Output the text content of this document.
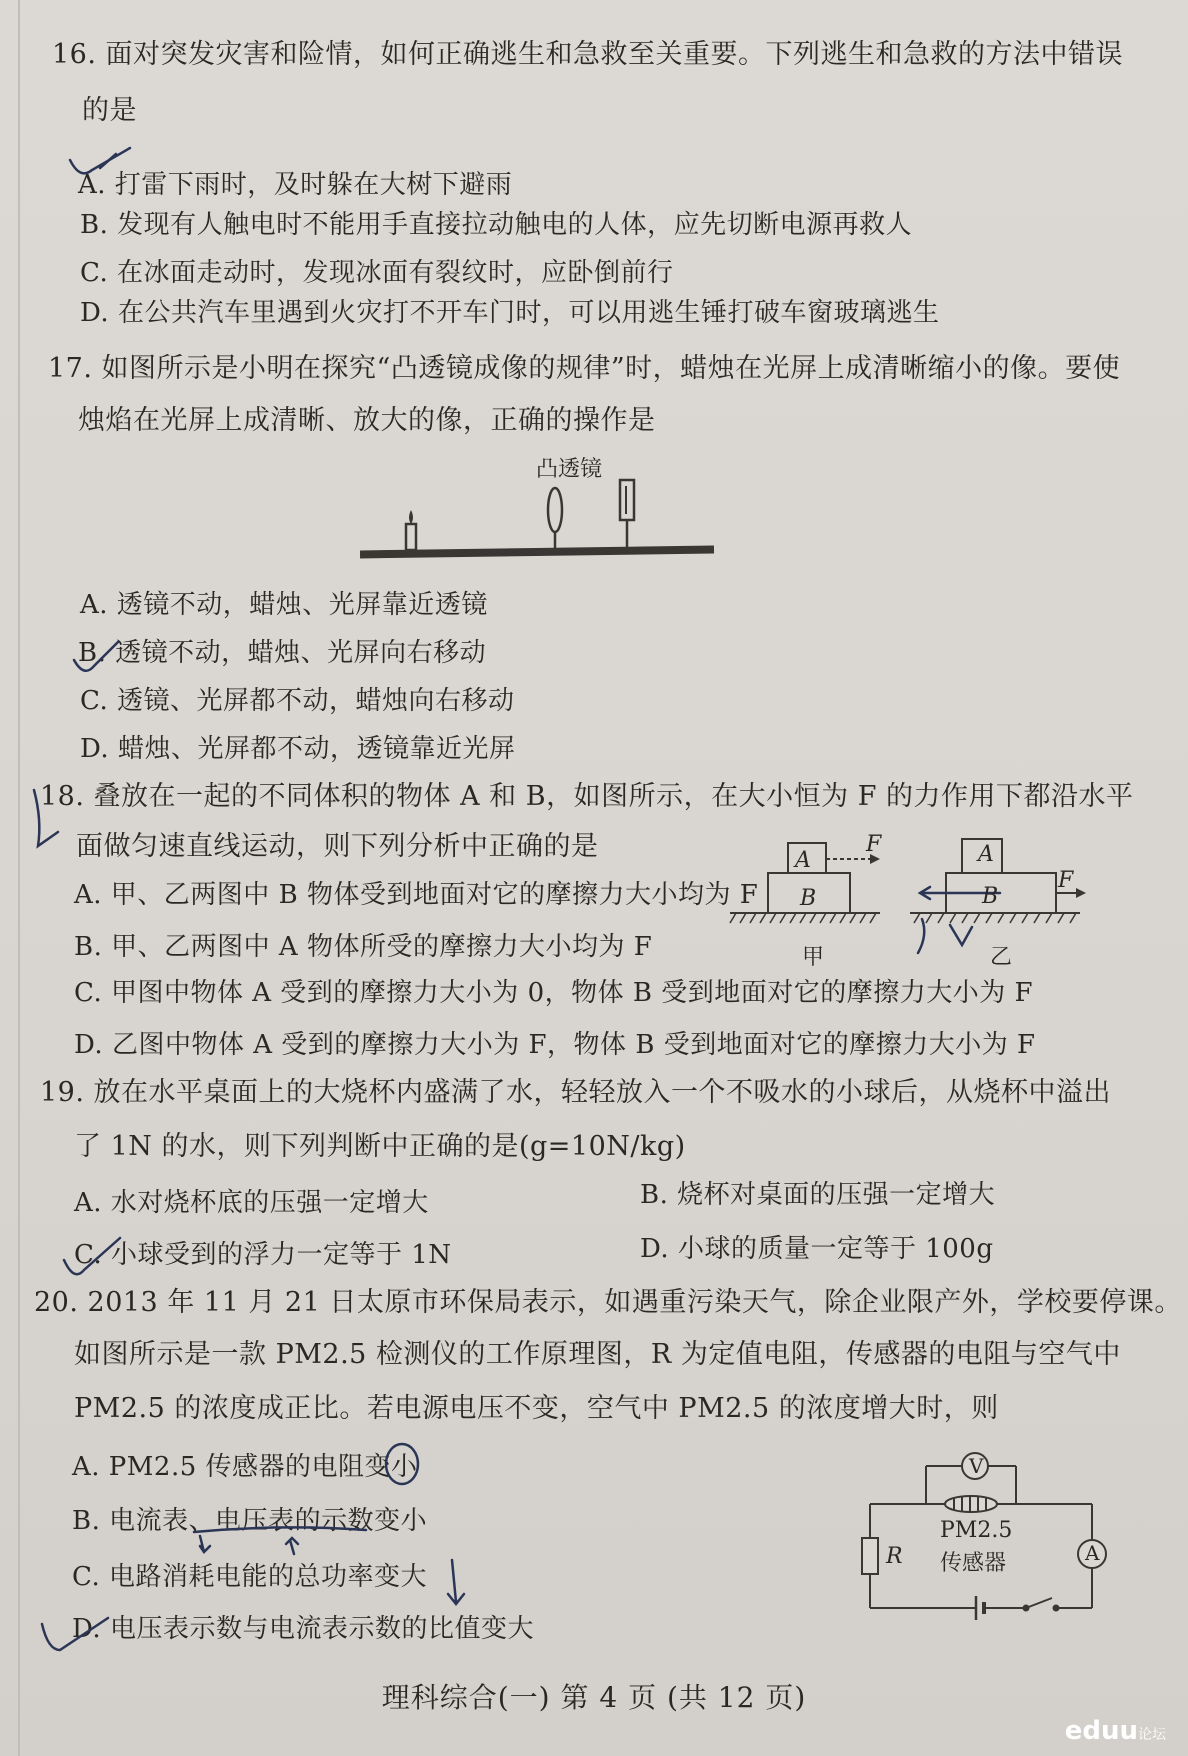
16. 面对突发灾害和险情，如何正确逃生和急救至关重要。下列逃生和急救的方法中错误
的是
A. 打雷下雨时，及时躲在大树下避雨
B. 发现有人触电时不能用手直接拉动触电的人体，应先切断电源再救人
C. 在冰面走动时，发现冰面有裂纹时，应卧倒前行
D. 在公共汽车里遇到火灾打不开车门时，可以用逃生锤打破车窗玻璃逃生
17. 如图所示是小明在探究“凸透镜成像的规律”时，蜡烛在光屏上成清晰缩小的像。要使
烛焰在光屏上成清晰、放大的像，正确的操作是
凸透镜
A. 透镜不动，蜡烛、光屏靠近透镜
B. 透镜不动，蜡烛、光屏向右移动
C. 透镜、光屏都不动，蜡烛向右移动
D. 蜡烛、光屏都不动，透镜靠近光屏
18. 叠放在一起的不同体积的物体 A 和 B，如图所示，在大小恒为 F 的力作用下都沿水平
面做匀速直线运动，则下列分析中正确的是
A. 甲、乙两图中 B 物体受到地面对它的摩擦力大小均为 F
B. 甲、乙两图中 A 物体所受的摩擦力大小均为 F
C. 甲图中物体 A 受到的摩擦力大小为 0，物体 B 受到地面对它的摩擦力大小为 F
D. 乙图中物体 A 受到的摩擦力大小为 F，物体 B 受到地面对它的摩擦力大小为 F
A
B
F
甲
A
B
F
乙
19. 放在水平桌面上的大烧杯内盛满了水，轻轻放入一个不吸水的小球后，从烧杯中溢出
了 1N 的水，则下列判断中正确的是(g=10N/kg)
A. 水对烧杯底的压强一定增大	B. 烧杯对桌面的压强一定增大
C. 小球受到的浮力一定等于 1N	D. 小球的质量一定等于 100g
20. 2013 年 11 月 21 日太原市环保局表示，如遇重污染天气，除企业限产外，学校要停课。
如图所示是一款 PM2.5 检测仪的工作原理图，R 为定值电阻，传感器的电阻与空气中
PM2.5 的浓度成正比。若电源电压不变，空气中 PM2.5 的浓度增大时，则
A. PM2.5 传感器的电阻变小
B. 电流表、电压表的示数变小
C. 电路消耗电能的总功率变大
D. 电压表示数与电流表示数的比值变大
V
A
R
PM2.5
传感器
理科综合(一) 第 4 页 (共 12 页)
eduu论坛
